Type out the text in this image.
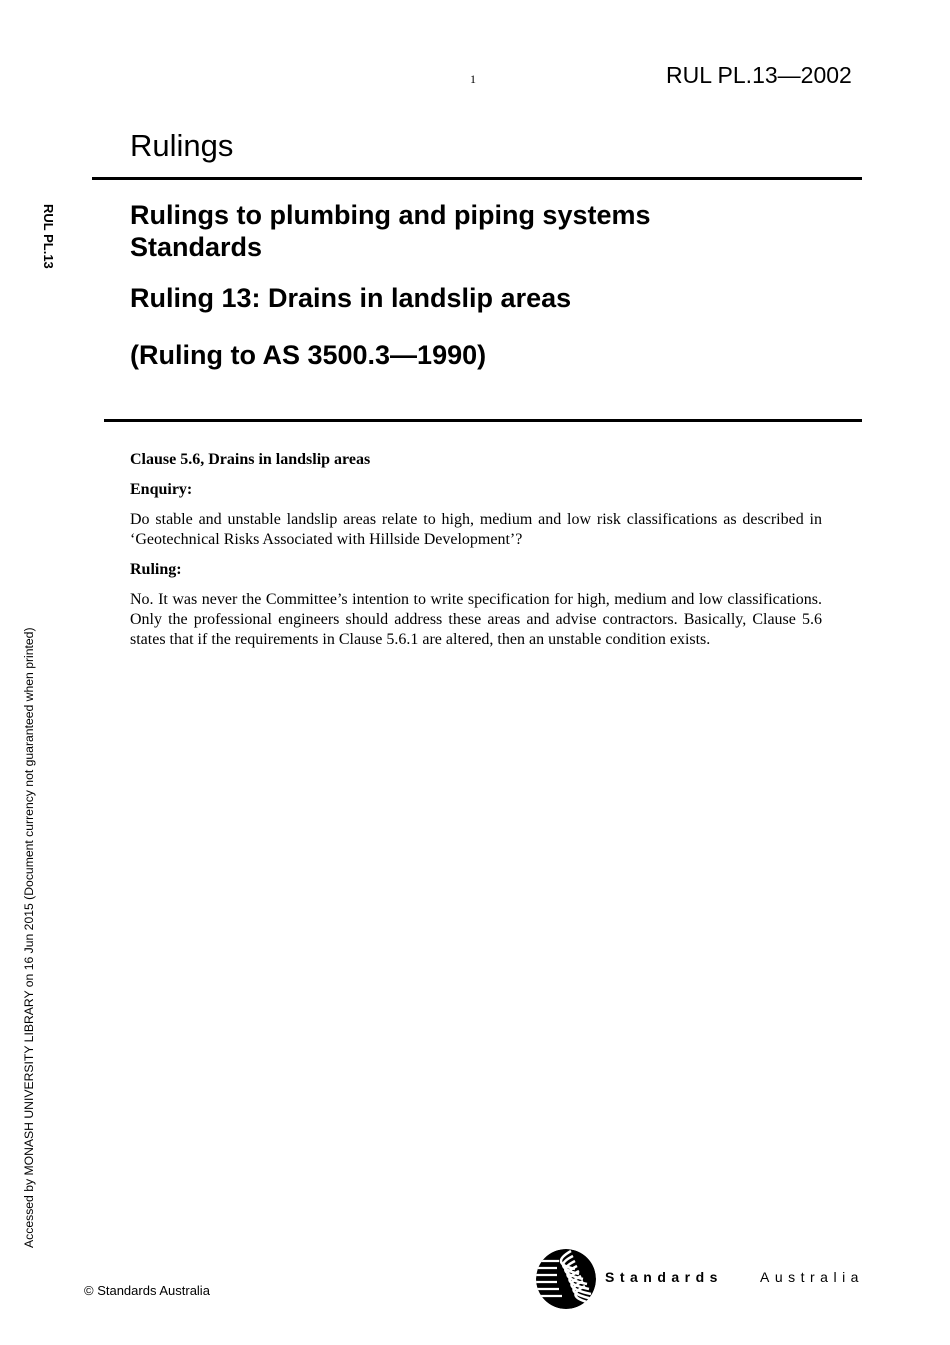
1	RUL PL.13—2002
Rulings
RUL PL.13	Rulings to plumbing and piping systems

Standards

Ruling 13: Drains in landslip areas
(Ruling to AS 3500.3—1990)

Clause 5.6, Drains in landslip areas

Enquiry:

Do stable and unstable landslip areas relate to high, medium and low risk classifications as described in ‘Geotechnical Risks Associated with Hillside Development’?

Ruling:

No. It was never the Committee’s intention to write specification for high, medium and low classifications. Only the professional engineers should address these areas and advise contractors. Basically, Clause 5.6 states that if the requirements in Clause 5.6.1 are altered, then an unstable condition exists.

Accessed by MONASH UNIVERSITY LIBRARY on 16 Jun 2015 (Document currency not guaranteed when printed)
© Standards Australia
Standards	Australia
